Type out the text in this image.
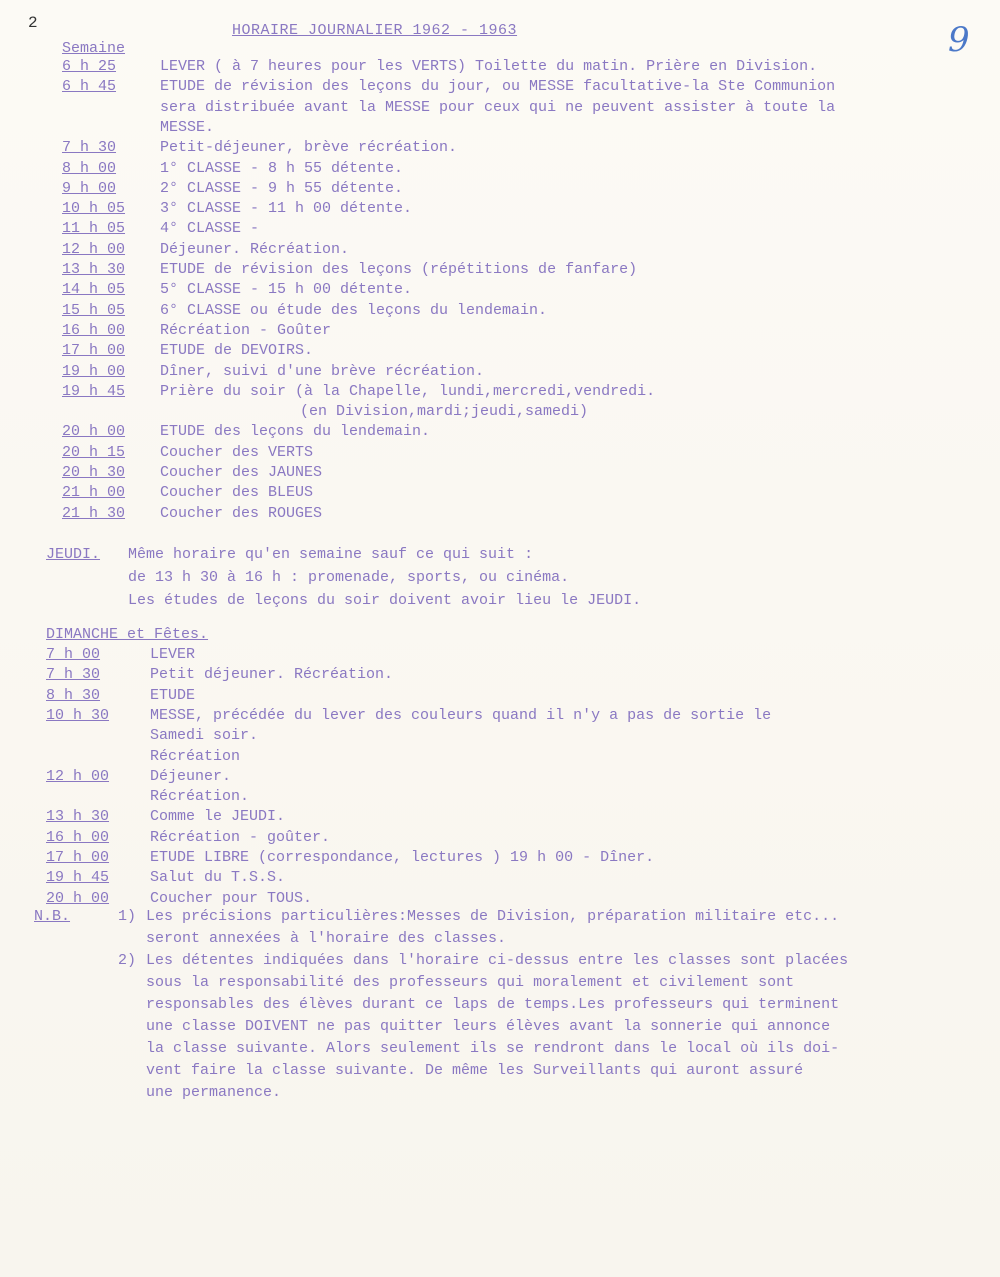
2	9
HORAIRE JOURNALIER 1962 - 1963
Semaine
6 h 25	LEVER ( à 7 heures pour les VERTS) Toilette du matin. Prière en Division.
6 h 45	ETUDE de révision des leçons du jour, ou MESSE facultative-la Ste Communion
sera distribuée avant la MESSE pour ceux qui ne peuvent assister à toute la
MESSE.
7 h 30	Petit-déjeuner, brève récréation.
8 h 00	1° CLASSE - 8 h 55 détente.
9 h 00	2° CLASSE - 9 h 55 détente.
10 h 05 3° CLASSE - 11 h 00 détente.
11 h 05 4° CLASSE -
12 h 00 Déjeuner. Récréation.
13 h 30 ETUDE de révision des leçons (répétitions de fanfare)
14 h 05 5° CLASSE - 15 h 00 détente.
15 h 05 6° CLASSE ou étude des leçons du lendemain.
16 h 00 Récréation - Goûter
17 h 00 ETUDE de DEVOIRS.
19 h 00 Dîner, suivi d'une brève récréation.
19 h 45 Prière du soir (à la Chapelle, lundi,mercredi,vendredi.
(en Division,mardi;jeudi,samedi)
20 h 00 ETUDE des leçons du lendemain.
20 h 15 Coucher des VERTS
20 h 30 Coucher des JAUNES
21 h 00 Coucher des BLEUS
21 h 30 Coucher des ROUGES
JEUDI. Même horaire qu'en semaine sauf ce qui suit :
de 13 h 30 à 16 h : promenade, sports, ou cinéma.
Les études de leçons du soir doivent avoir lieu le JEUDI.
DIMANCHE et Fêtes.
7 h 00	LEVER
7 h 30	Petit déjeuner. Récréation.
8 h 30	ETUDE
10 h 30	MESSE, précédée du lever des couleurs quand il n'y a pas de sortie le
Samedi soir.
Récréation
12 h 00	Déjeuner.
Récréation.
13 h 30	Comme le JEUDI.
16 h 00	Récréation - goûter.
17 h 00	ETUDE LIBRE (correspondance, lectures ) 19 h 00 - Dîner.
19 h 45	Salut du T.S.S.
20 h 00	Coucher pour TOUS.
N.B.	1) Les précisions particulières:Messes de Division, préparation militaire etc...
seront annexées à l'horaire des classes.
2) Les détentes indiquées dans l'horaire ci-dessus entre les classes sont placées
sous la responsabilité des professeurs qui moralement et civilement sont
responsables des élèves durant ce laps de temps.Les professeurs qui terminent
une classe DOIVENT ne pas quitter leurs élèves avant la sonnerie qui annonce
la classe suivante. Alors seulement ils se rendront dans le local où ils doi-
vent faire la classe suivante. De même les Surveillants qui auront assuré
une permanence.
